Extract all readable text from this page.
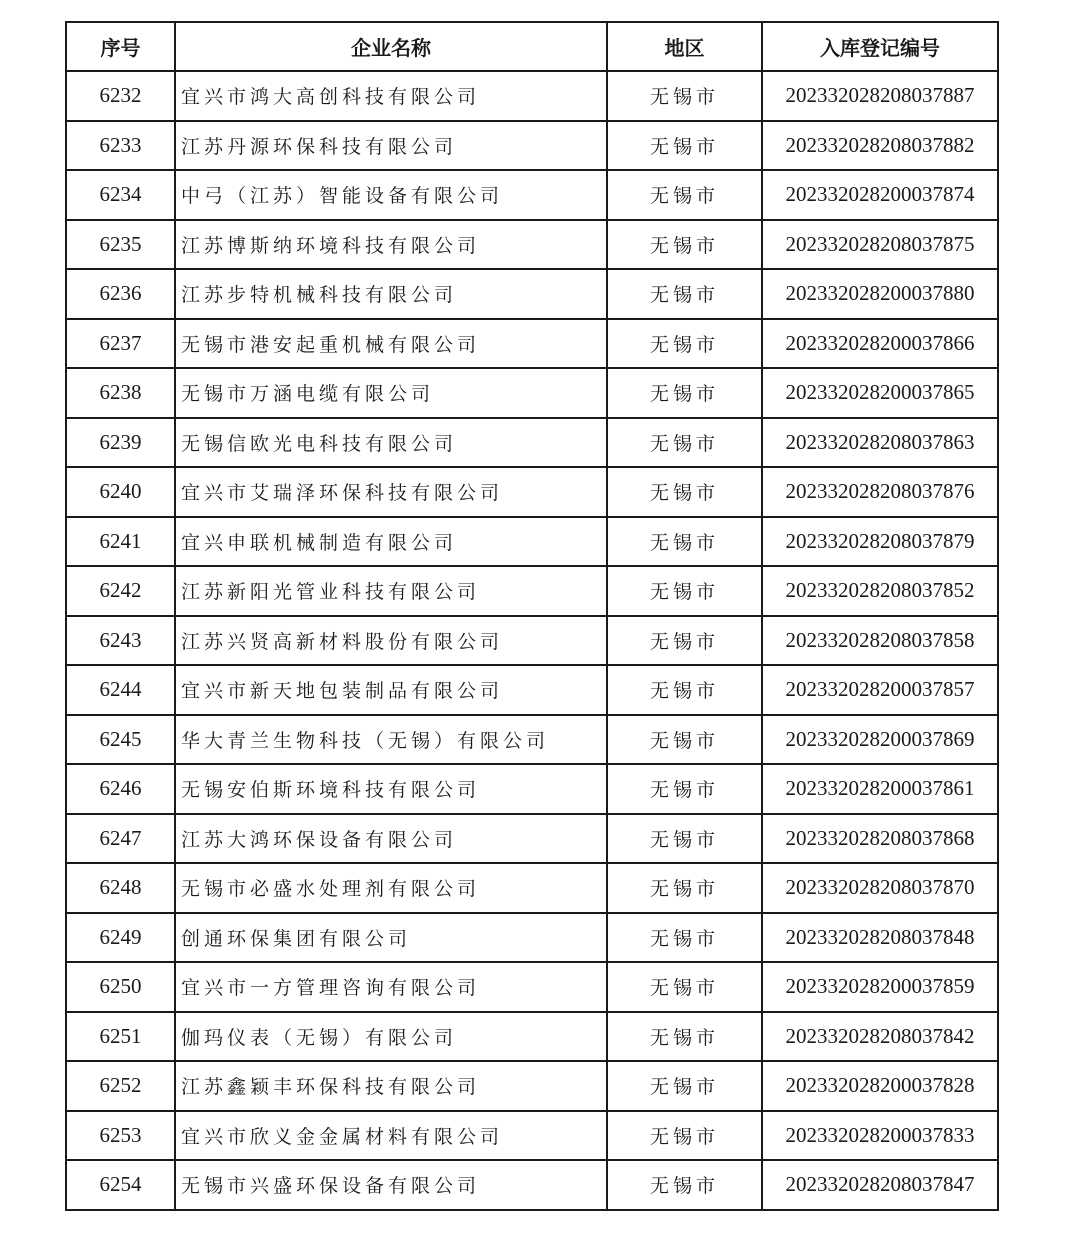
序号	企业名称	地区	入库登记编号
6232	宜兴市鸿大高创科技有限公司	无锡市	202332028208037887
6233	江苏丹源环保科技有限公司	无锡市	202332028208037882
6234	中弓（江苏）智能设备有限公司	无锡市	202332028200037874
6235	江苏博斯纳环境科技有限公司	无锡市	202332028208037875
6236	江苏步特机械科技有限公司	无锡市	202332028200037880
6237	无锡市港安起重机械有限公司	无锡市	202332028200037866
6238	无锡市万涵电缆有限公司	无锡市	202332028200037865
6239	无锡信欧光电科技有限公司	无锡市	202332028208037863
6240	宜兴市艾瑞泽环保科技有限公司	无锡市	202332028208037876
6241	宜兴申联机械制造有限公司	无锡市	202332028208037879
6242	江苏新阳光管业科技有限公司	无锡市	202332028208037852
6243	江苏兴贤高新材料股份有限公司	无锡市	202332028208037858
6244	宜兴市新天地包装制品有限公司	无锡市	202332028200037857
6245	华大青兰生物科技（无锡）有限公司	无锡市	202332028200037869
6246	无锡安伯斯环境科技有限公司	无锡市	202332028200037861
6247	江苏大鸿环保设备有限公司	无锡市	202332028208037868
6248	无锡市必盛水处理剂有限公司	无锡市	202332028208037870
6249	创通环保集团有限公司	无锡市	202332028208037848
6250	宜兴市一方管理咨询有限公司	无锡市	202332028200037859
6251	伽玛仪表（无锡）有限公司	无锡市	202332028208037842
6252	江苏鑫颖丰环保科技有限公司	无锡市	202332028200037828
6253	宜兴市欣义金金属材料有限公司	无锡市	202332028200037833
6254	无锡市兴盛环保设备有限公司	无锡市	202332028208037847
